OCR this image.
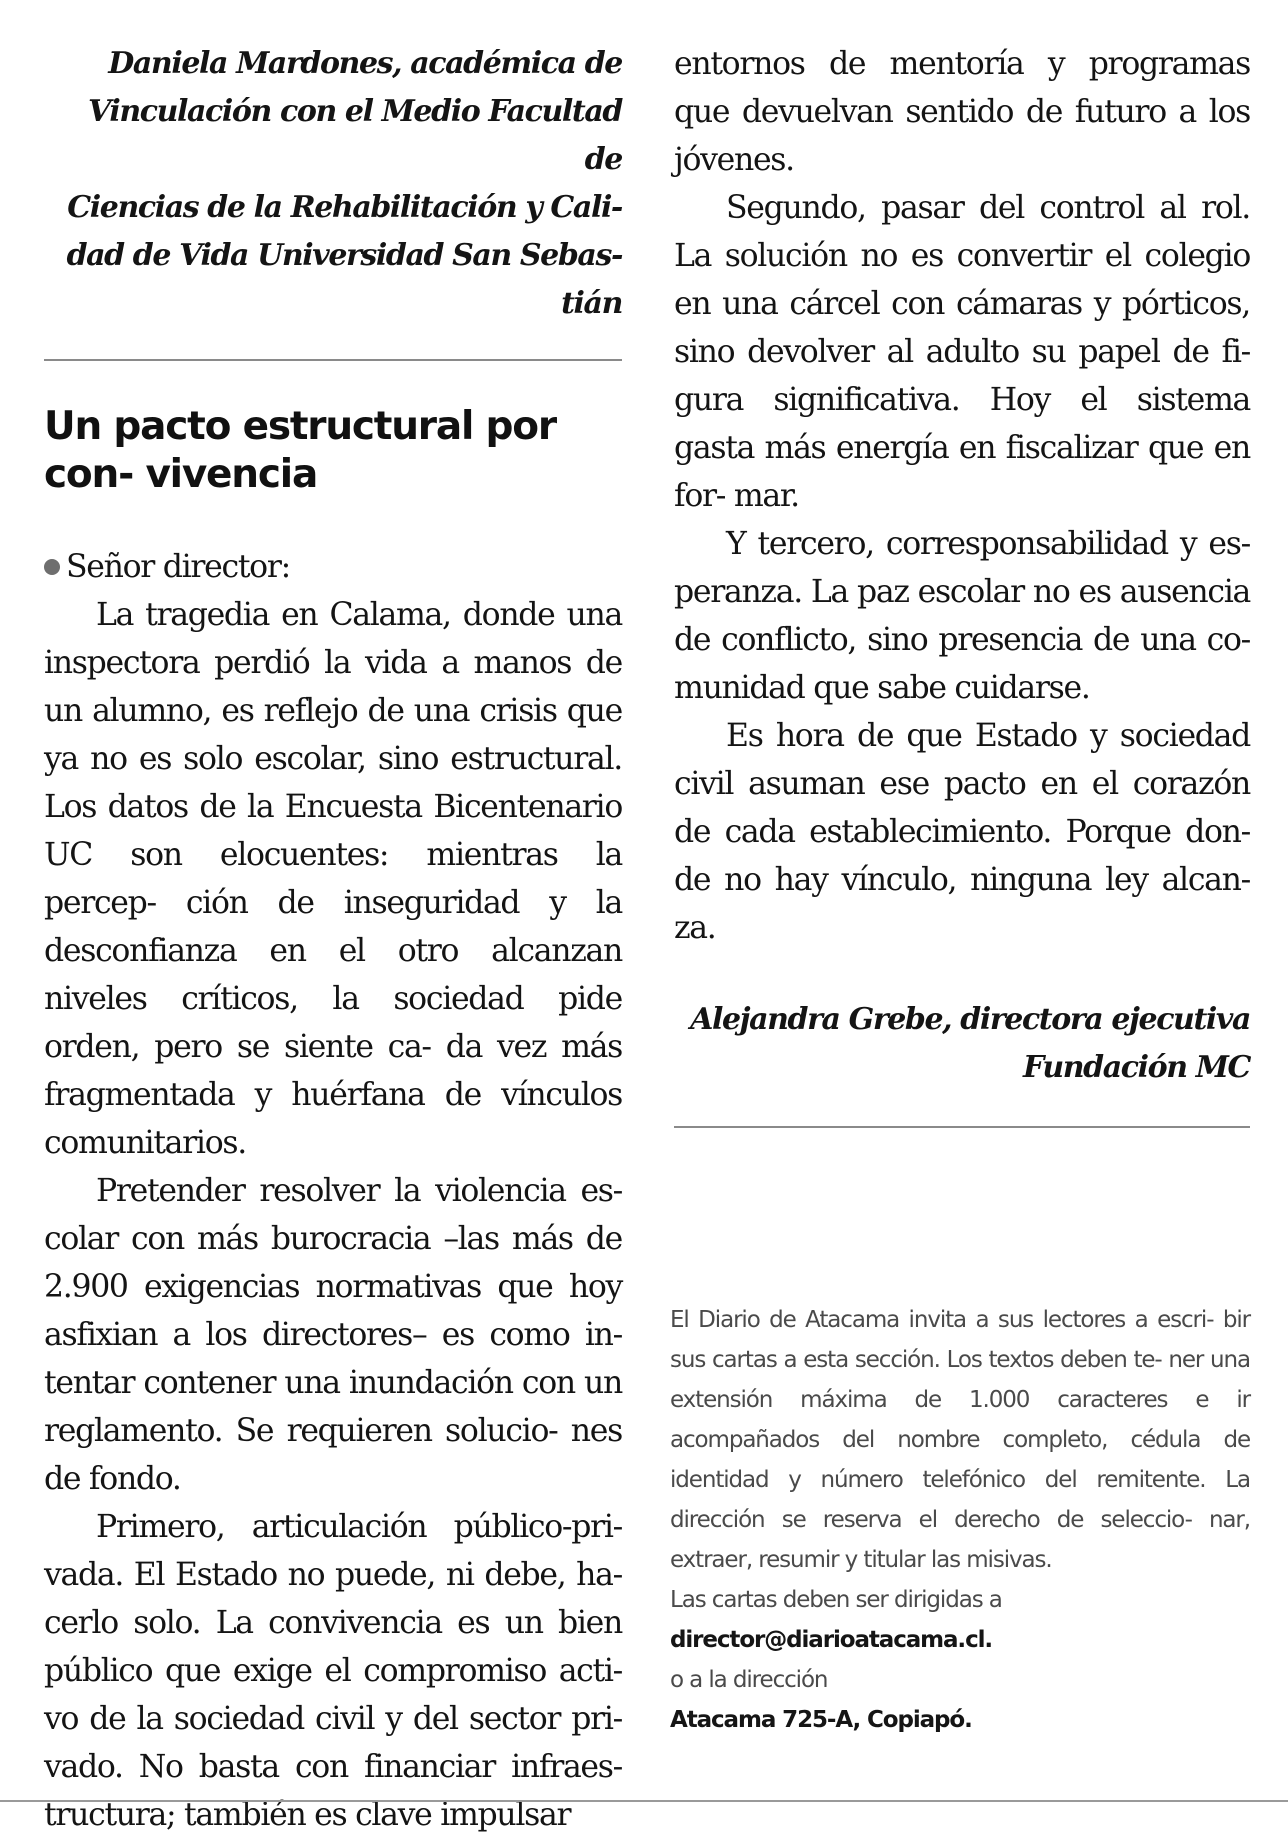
Daniela Mardones, académica de
Vinculación con el Medio Facultad de
Ciencias de la Rehabilitación y Cali-
dad de Vida Universidad San Sebas-
tián
Un pacto estructural por con- vivencia
Señor director:

La tragedia en Calama, donde una inspectora perdió la vida a manos de un alumno, es reflejo de una crisis que ya no es solo escolar, sino estructural. Los datos de la Encuesta Bicentenario UC son elocuentes: mientras la percep- ción de inseguridad y la desconfianza en el otro alcanzan niveles críticos, la sociedad pide orden, pero se siente ca- da vez más fragmentada y huérfana de vínculos comunitarios.

Pretender resolver la violencia es- colar con más burocracia –las más de 2.900 exigencias normativas que hoy asfixian a los directores– es como in- tentar contener una inundación con un reglamento. Se requieren solucio- nes de fondo.

Primero, articulación público-pri- vada. El Estado no puede, ni debe, ha- cerlo solo. La convivencia es un bien público que exige el compromiso acti- vo de la sociedad civil y del sector pri- vado. No basta con financiar infraes- tructura; también es clave impulsar

entornos de mentoría y programas que devuelvan sentido de futuro a los jóvenes.

Segundo, pasar del control al rol. La solución no es convertir el colegio en una cárcel con cámaras y pórticos, sino devolver al adulto su papel de fi- gura significativa. Hoy el sistema gasta más energía en fiscalizar que en for- mar.

Y tercero, corresponsabilidad y es- peranza. La paz escolar no es ausencia de conflicto, sino presencia de una co- munidad que sabe cuidarse.

Es hora de que Estado y sociedad civil asuman ese pacto en el corazón de cada establecimiento. Porque don- de no hay vínculo, ninguna ley alcan- za.

Alejandra Grebe, directora ejecutiva
Fundación MC

El Diario de Atacama invita a sus lectores a escri- bir sus cartas a esta sección. Los textos deben te- ner una extensión máxima de 1.000 caracteres e ir acompañados del nombre completo, cédula de identidad y número telefónico del remitente. La dirección se reserva el derecho de seleccio- nar, extraer, resumir y titular las misivas.

Las cartas deben ser dirigidas a
director@diarioatacama.cl.
o a la dirección
Atacama 725-A, Copiapó.
